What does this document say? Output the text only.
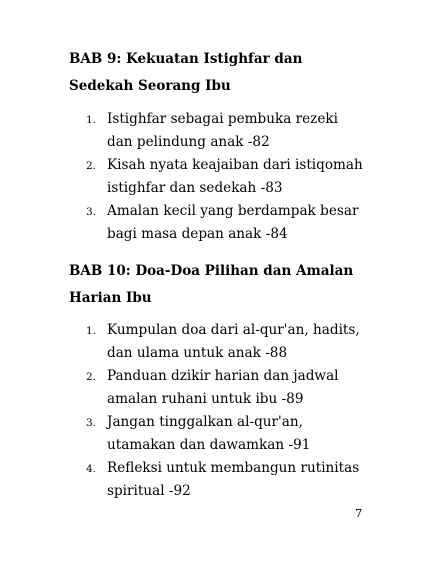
BAB 9: Kekuatan Istighfar dan Sedekah Seorang Ibu
1. Istighfar sebagai pembuka rezeki dan pelindung anak -82
2. Kisah nyata keajaiban dari istiqomah istighfar dan sedekah -83
3. Amalan kecil yang berdampak besar bagi masa depan anak -84
BAB 10: Doa-Doa Pilihan dan Amalan Harian Ibu
1. Kumpulan doa dari al-qur'an, hadits, dan ulama untuk anak -88
2. Panduan dzikir harian dan jadwal amalan ruhani untuk ibu -89
3. Jangan tinggalkan al-qur'an, utamakan dan dawamkan -91
4. Refleksi untuk membangun rutinitas spiritual -92
7
